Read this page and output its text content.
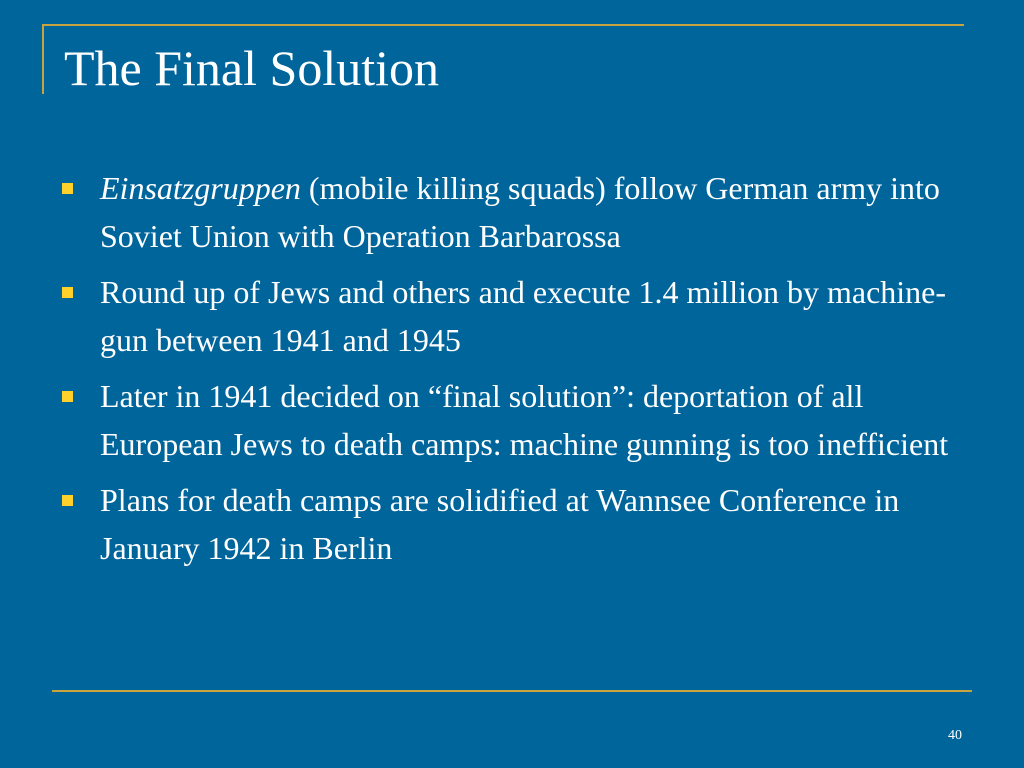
The Final Solution
Einsatzgruppen (mobile killing squads) follow German army into Soviet Union with Operation Barbarossa
Round up of Jews and others and execute 1.4 million by machine-gun between 1941 and 1945
Later in 1941 decided on “final solution”: deportation of all European Jews to death camps: machine gunning is too inefficient
Plans for death camps are solidified at Wannsee Conference in January 1942 in Berlin
40
